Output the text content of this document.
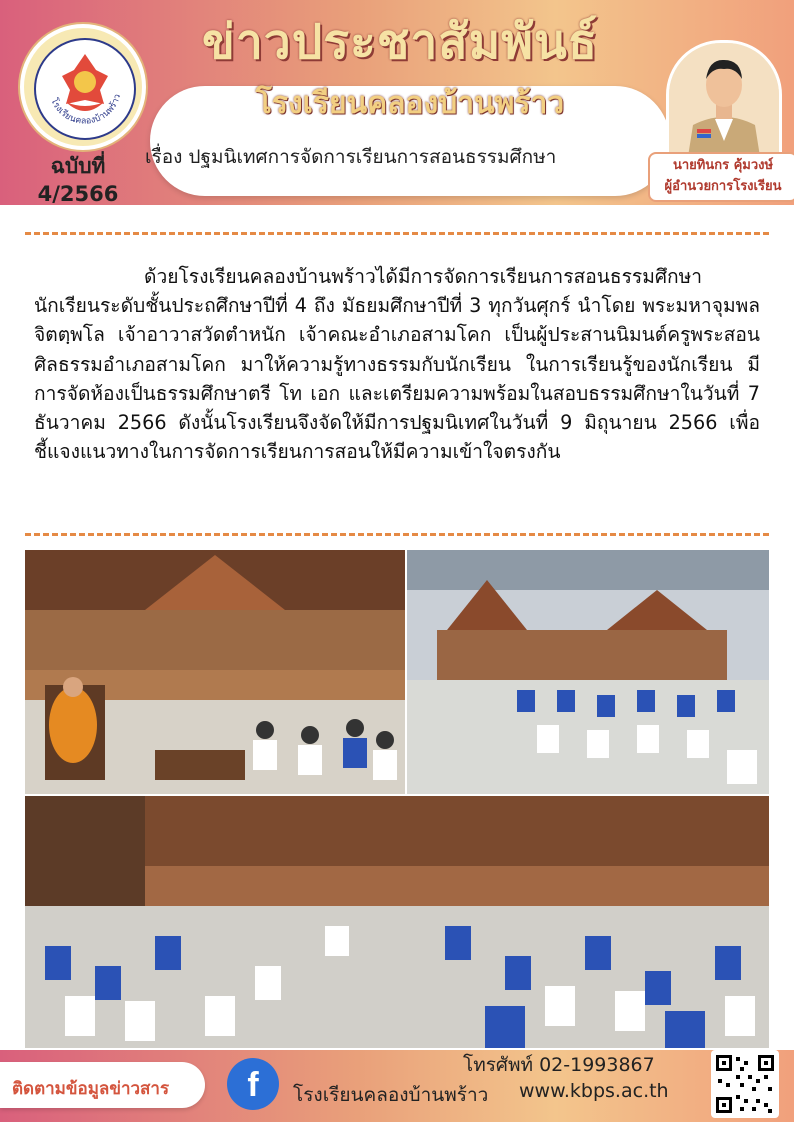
ข่าวประชาสัมพันธ์
โรงเรียนคลองบ้านพร้าว
เรื่อง ปฐมนิเทศการจัดการเรียนการสอนธรรมศึกษา
โรงเรียนคลองบ้านพร้าว
ฉบับที่
4/2566
นายทินกร คุ้มวงษ์
ผู้อำนวยการโรงเรียน

ด้วยโรงเรียนคลองบ้านพร้าวได้มีการจัดการเรียนการสอนธรรมศึกษานักเรียนระดับชั้นประถศึกษาปีที่ 4 ถึง มัธยมศึกษาปีที่ 3 ทุกวันศุกร์ นำโดย พระมหาจุมพล จิตตฺพโล เจ้าอาวาสวัดตำหนัก เจ้าคณะอำเภอสามโคก เป็นผู้ประสานนิมนต์ครูพระสอนศิลธรรมอำเภอสามโคก มาให้ความรู้ทางธรรมกับนักเรียน ในการเรียนรู้ของนักเรียน มีการจัดห้องเป็นธรรมศึกษาตรี โท เอก และเตรียมความพร้อมในสอบธรรมศึกษาในวันที่ 7 ธันวาคม 2566 ดังนั้นโรงเรียนจึงจัดให้มีการปฐมนิเทศในวันที่ 9 มิถุนายน 2566 เพื่อชี้แจงแนวทางในการจัดการเรียนการสอนให้มีความเข้าใจตรงกัน

ติดตามข้อมูลข่าวสาร	f
โทรศัพท์ 02-1993867
โรงเรียนคลองบ้านพร้าว www.kbps.ac.th
